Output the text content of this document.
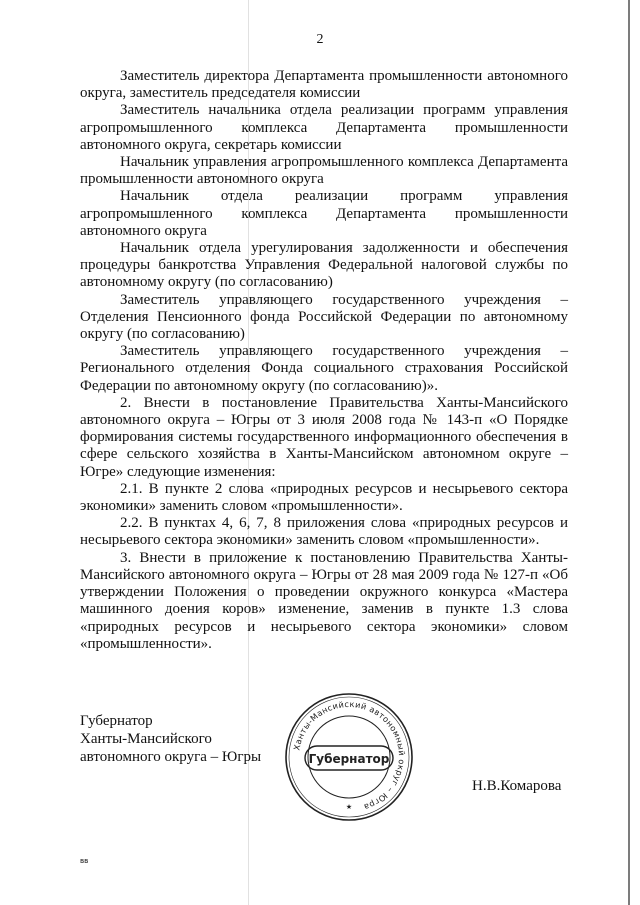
2

Заместитель директора Департамента промышленности автономного округа, заместитель председателя комиссии

Заместитель начальника отдела реализации программ управления агропромышленного комплекса Департамента промышленности автономного округа, секретарь комиссии

Начальник управления агропромышленного комплекса Департамента промышленности автономного округа

Начальник отдела реализации программ управления агропромышленного комплекса Департамента промышленности автономного округа

Начальник отдела урегулирования задолженности и обеспечения процедуры банкротства Управления Федеральной налоговой службы по автономному округу (по согласованию)

Заместитель управляющего государственного учреждения – Отделения Пенсионного фонда Российской Федерации по автономному округу (по согласованию)

Заместитель управляющего государственного учреждения – Регионального отделения Фонда социального страхования Российской Федерации по автономному округу (по согласованию)».

2. Внести в постановление Правительства Ханты-Мансийского автономного округа – Югры от 3 июля 2008 года № 143-п «О Порядке формирования системы государственного информационного обеспечения в сфере сельского хозяйства в Ханты-Мансийском автономном округе – Югре» следующие изменения:

2.1. В пункте 2 слова «природных ресурсов и несырьевого сектора экономики» заменить словом «промышленности».

2.2. В пунктах 4, 6, 7, 8 приложения слова «природных ресурсов и несырьевого сектора экономики» заменить словом «промышленности».

3. Внести в приложение к постановлению Правительства Ханты-Мансийского автономного округа – Югры от 28 мая 2009 года № 127-п «Об утверждении Положения о проведении окружного конкурса «Мастера машинного доения коров» изменение, заменив в пункте 1.3 слова «природных ресурсов и несырьевого сектора экономики» словом «промышленности».

Губернатор
Ханты-Мансийского
автономного округа – Югры
Ханты-Мансийский автономный округ – Югра
Губернатор
★
Н.В.Комарова
вв
